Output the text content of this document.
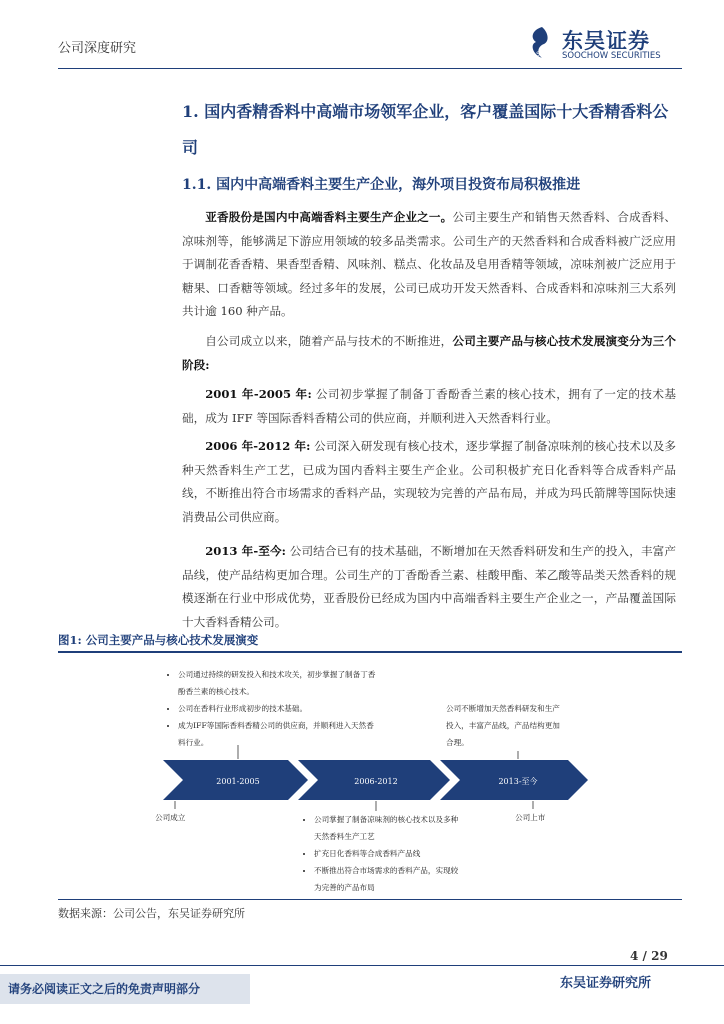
公司深度研究	SCS
东吴证券
SOOCHOW SECURITIES
1. 国内香精香料中高端市场领军企业，客户覆盖国际十大香精香料公司
1.1. 国内中高端香料主要生产企业，海外项目投资布局积极推进

亚香股份是国内中高端香料主要生产企业之一。公司主要生产和销售天然香料、合成香料、凉味剂等，能够满足下游应用领域的较多品类需求。公司生产的天然香料和合成香料被广泛应用于调制花香香精、果香型香精、风味剂、糕点、化妆品及皂用香精等领域，凉味剂被广泛应用于糖果、口香糖等领域。经过多年的发展，公司已成功开发天然香料、合成香料和凉味剂三大系列共计逾 160 种产品。

自公司成立以来，随着产品与技术的不断推进，公司主要产品与核心技术发展演变分为三个阶段:

2001 年-2005 年: 公司初步掌握了制备丁香酚香兰素的核心技术，拥有了一定的技术基础，成为 IFF 等国际香料香精公司的供应商，并顺利进入天然香料行业。

2006 年-2012 年: 公司深入研发现有核心技术，逐步掌握了制备凉味剂的核心技术以及多种天然香料生产工艺，已成为国内香料主要生产企业。公司积极扩充日化香料等合成香料产品线，不断推出符合市场需求的香料产品，实现较为完善的产品布局，并成为玛氏箭牌等国际快速消费品公司供应商。

2013 年-至今: 公司结合已有的技术基础，不断增加在天然香料研发和生产的投入，丰富产品线，使产品结构更加合理。公司生产的丁香酚香兰素、桂酸甲酯、苯乙酸等品类天然香料的规模逐渐在行业中形成优势，亚香股份已经成为国内中高端香料主要生产企业之一，产品覆盖国际十大香料香精公司。

图1: 公司主要产品与核心技术发展演变
2001-2005	2006-2012	2013-至今
• 公司通过持续的研发投入和技术攻关，初步掌握了制备丁香酚香兰素的核心技术。
• 公司在香料行业形成初步的技术基础。
• 成为IFF等国际香料香精公司的供应商，并顺利进入天然香料行业。
公司不断增加天然香料研发和生产投入，丰富产品线，产品结构更加合理。
• 公司掌握了制备凉味剂的核心技术以及多种天然香料生产工艺
• 扩充日化香料等合成香料产品线
• 不断推出符合市场需求的香料产品，实现较为完善的产品布局
公司成立	公司上市
数据来源：公司公告，东吴证券研究所
4 / 29
请务必阅读正文之后的免责声明部分	东吴证券研究所
